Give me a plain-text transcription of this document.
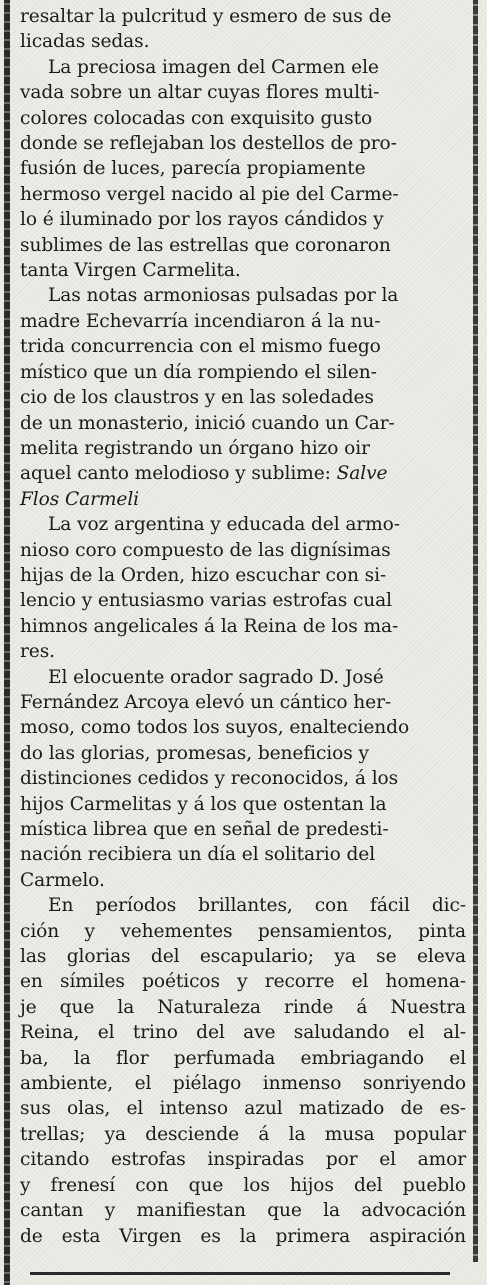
resaltar la pulcritud y esmero de sus de
licadas sedas.

La preciosa imagen del Carmen ele
vada sobre un altar cuyas flores multi-
colores colocadas con exquisito gusto
donde se reflejaban los destellos de pro-
fusión de luces, parecía propiamente
hermoso vergel nacido al pie del Carme-
lo é iluminado por los rayos cándidos y
sublimes de las estrellas que coronaron
tanta Virgen Carmelita.

Las notas armoniosas pulsadas por la
madre Echevarría incendiaron á la nu-
trida concurrencia con el mismo fuego
místico que un día rompiendo el silen-
cio de los claustros y en las soledades
de un monasterio, inició cuando un Car-
melita registrando un órgano hizo oir
aquel canto melodioso y sublime: Salve
Flos Carmeli

La voz argentina y educada del armo-
nioso coro compuesto de las dignísimas
hijas de la Orden, hizo escuchar con si-
lencio y entusiasmo varias estrofas cual
himnos angelicales á la Reina de los ma-
res.

El elocuente orador sagrado D. José
Fernández Arcoya elevó un cántico her-
moso, como todos los suyos, enalteciendo
do las glorias, promesas, beneficios y
distinciones cedidos y reconocidos, á los
hijos Carmelitas y á los que ostentan la
mística librea que en señal de predesti-
nación recibiera un día el solitario del
Carmelo.

En períodos brillantes, con fácil dic-
ción y vehementes pensamientos, pinta
las glorias del escapulario; ya se eleva
en símiles poéticos y recorre el homena-
je que la Naturaleza rinde á Nuestra
Reina, el trino del ave saludando el al-
ba, la flor perfumada embriagando el
ambiente, el piélago inmenso sonriyendo
sus olas, el intenso azul matizado de es-
trellas; ya desciende á la musa popular
citando estrofas inspiradas por el amor
y frenesí con que los hijos del pueblo
cantan y manifiestan que la advocación
de esta Virgen es la primera aspiración
